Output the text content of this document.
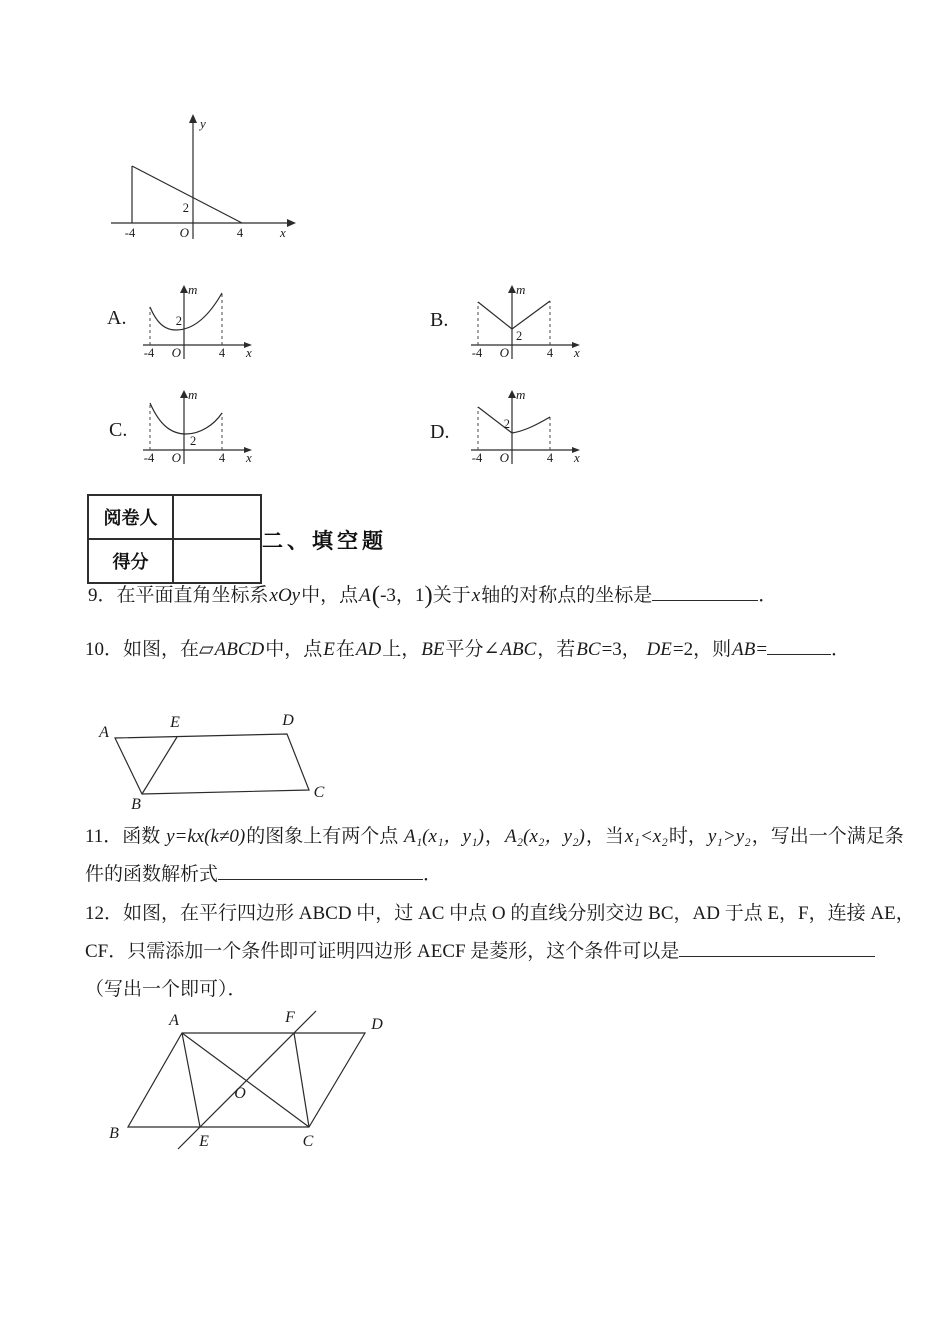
y
x
O
-4	4
2
A.
m
x
O
-4	4
2	B.
m
x
O
-4	4
2
C.
m
x
O
-4	4
2	D.
m
x
O
-4	4
2
阅卷人	
得分	
二、填空题
9．在平面直角坐标系xOy中，点A(-3，1)关于x轴的对称点的坐标是	．
10．如图，在▱ABCD中，点E在AD上，BE平分∠ABC，若BC=3， DE=2，则AB=	．
A
E	D
B
C
11．函数 y=kx(k≠0)的图象上有两个点 A₁(x₁，y₁)，A₂(x₂，y₂)，当x₁<x₂时，y₁>y₂，写出一个满足条
件的函数解析式	．
12．如图，在平行四边形 ABCD 中，过 AC 中点 O 的直线分别交边 BC，AD 于点 E，F，连接 AE，
CF．只需添加一个条件即可证明四边形 AECF 是菱形，这个条件可以是
（写出一个即可）．
A	F	D
B	E	C
O
